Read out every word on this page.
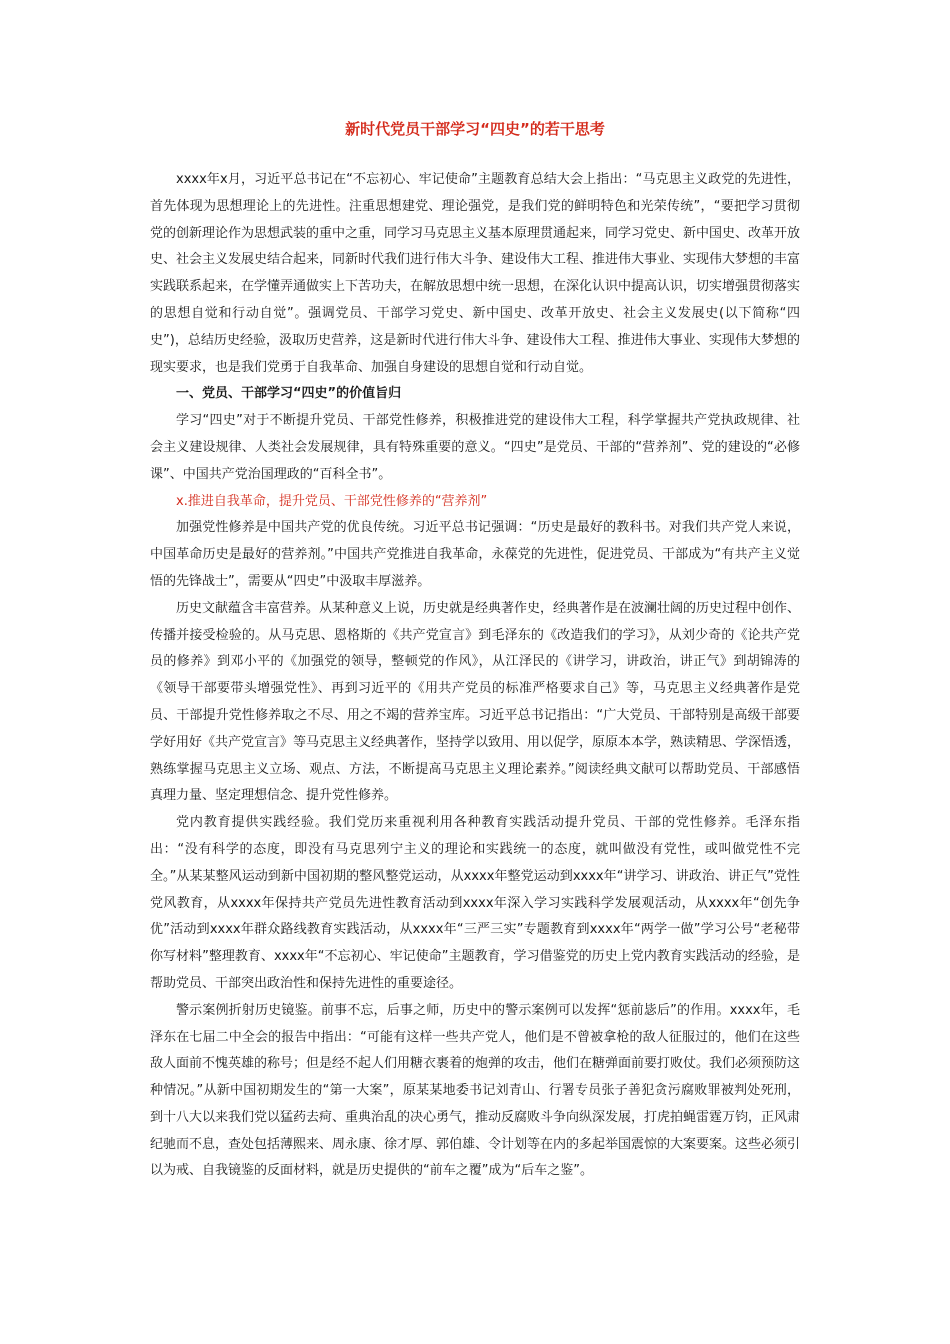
新时代党员干部学习“四史”的若干思考

xxxx年x月，习近平总书记在“不忘初心、牢记使命”主题教育总结大会上指出：“马克思主义政党的先进性，首先体现为思想理论上的先进性。注重思想建党、理论强党，是我们党的鲜明特色和光荣传统”，“要把学习贯彻党的创新理论作为思想武装的重中之重，同学习马克思主义基本原理贯通起来，同学习党史、新中国史、改革开放史、社会主义发展史结合起来，同新时代我们进行伟大斗争、建设伟大工程、推进伟大事业、实现伟大梦想的丰富实践联系起来，在学懂弄通做实上下苦功夫，在解放思想中统一思想，在深化认识中提高认识，切实增强贯彻落实的思想自觉和行动自觉”。强调党员、干部学习党史、新中国史、改革开放史、社会主义发展史(以下简称“四史”)，总结历史经验，汲取历史营养，这是新时代进行伟大斗争、建设伟大工程、推进伟大事业、实现伟大梦想的现实要求，也是我们党勇于自我革命、加强自身建设的思想自觉和行动自觉。

一、党员、干部学习“四史”的价值旨归

学习“四史”对于不断提升党员、干部党性修养，积极推进党的建设伟大工程，科学掌握共产党执政规律、社会主义建设规律、人类社会发展规律，具有特殊重要的意义。“四史”是党员、干部的“营养剂”、党的建设的“必修课”、中国共产党治国理政的“百科全书”。

x.推进自我革命，提升党员、干部党性修养的“营养剂”

加强党性修养是中国共产党的优良传统。习近平总书记强调：“历史是最好的教科书。对我们共产党人来说，中国革命历史是最好的营养剂。”中国共产党推进自我革命，永葆党的先进性，促进党员、干部成为“有共产主义觉悟的先锋战士”，需要从“四史”中汲取丰厚滋养。

历史文献蕴含丰富营养。从某种意义上说，历史就是经典著作史，经典著作是在波澜壮阔的历史过程中创作、传播并接受检验的。从马克思、恩格斯的《共产党宣言》到毛泽东的《改造我们的学习》，从刘少奇的《论共产党员的修养》到邓小平的《加强党的领导，整顿党的作风》，从江泽民的《讲学习，讲政治，讲正气》到胡锦涛的《领导干部要带头增强党性》、再到习近平的《用共产党员的标准严格要求自己》等，马克思主义经典著作是党员、干部提升党性修养取之不尽、用之不竭的营养宝库。习近平总书记指出：“广大党员、干部特别是高级干部要学好用好《共产党宣言》等马克思主义经典著作，坚持学以致用、用以促学，原原本本学，熟读精思、学深悟透，熟练掌握马克思主义立场、观点、方法，不断提高马克思主义理论素养。”阅读经典文献可以帮助党员、干部感悟真理力量、坚定理想信念、提升党性修养。

党内教育提供实践经验。我们党历来重视利用各种教育实践活动提升党员、干部的党性修养。毛泽东指出：“没有科学的态度，即没有马克思列宁主义的理论和实践统一的态度，就叫做没有党性，或叫做党性不完全。”从某某整风运动到新中国初期的整风整党运动，从xxxx年整党运动到xxxx年“讲学习、讲政治、讲正气”党性党风教育，从xxxx年保持共产党员先进性教育活动到xxxx年深入学习实践科学发展观活动，从xxxx年“创先争优”活动到xxxx年群众路线教育实践活动，从xxxx年“三严三实”专题教育到xxxx年“两学一做”学习公号“老秘带你写材料”整理教育、xxxx年“不忘初心、牢记使命”主题教育，学习借鉴党的历史上党内教育实践活动的经验，是帮助党员、干部突出政治性和保持先进性的重要途径。

警示案例折射历史镜鉴。前事不忘，后事之师，历史中的警示案例可以发挥“惩前毖后”的作用。xxxx年，毛泽东在七届二中全会的报告中指出：“可能有这样一些共产党人，他们是不曾被拿枪的敌人征服过的，他们在这些敌人面前不愧英雄的称号；但是经不起人们用糖衣裹着的炮弹的攻击，他们在糖弹面前要打败仗。我们必须预防这种情况。”从新中国初期发生的“第一大案”，原某某地委书记刘青山、行署专员张子善犯贪污腐败罪被判处死刑，到十八大以来我们党以猛药去疴、重典治乱的决心勇气，推动反腐败斗争向纵深发展，打虎拍蝇雷霆万钧，正风肃纪驰而不息，查处包括薄熙来、周永康、徐才厚、郭伯雄、令计划等在内的多起举国震惊的大案要案。这些必须引以为戒、自我镜鉴的反面材料，就是历史提供的“前车之覆”成为“后车之鉴”。
